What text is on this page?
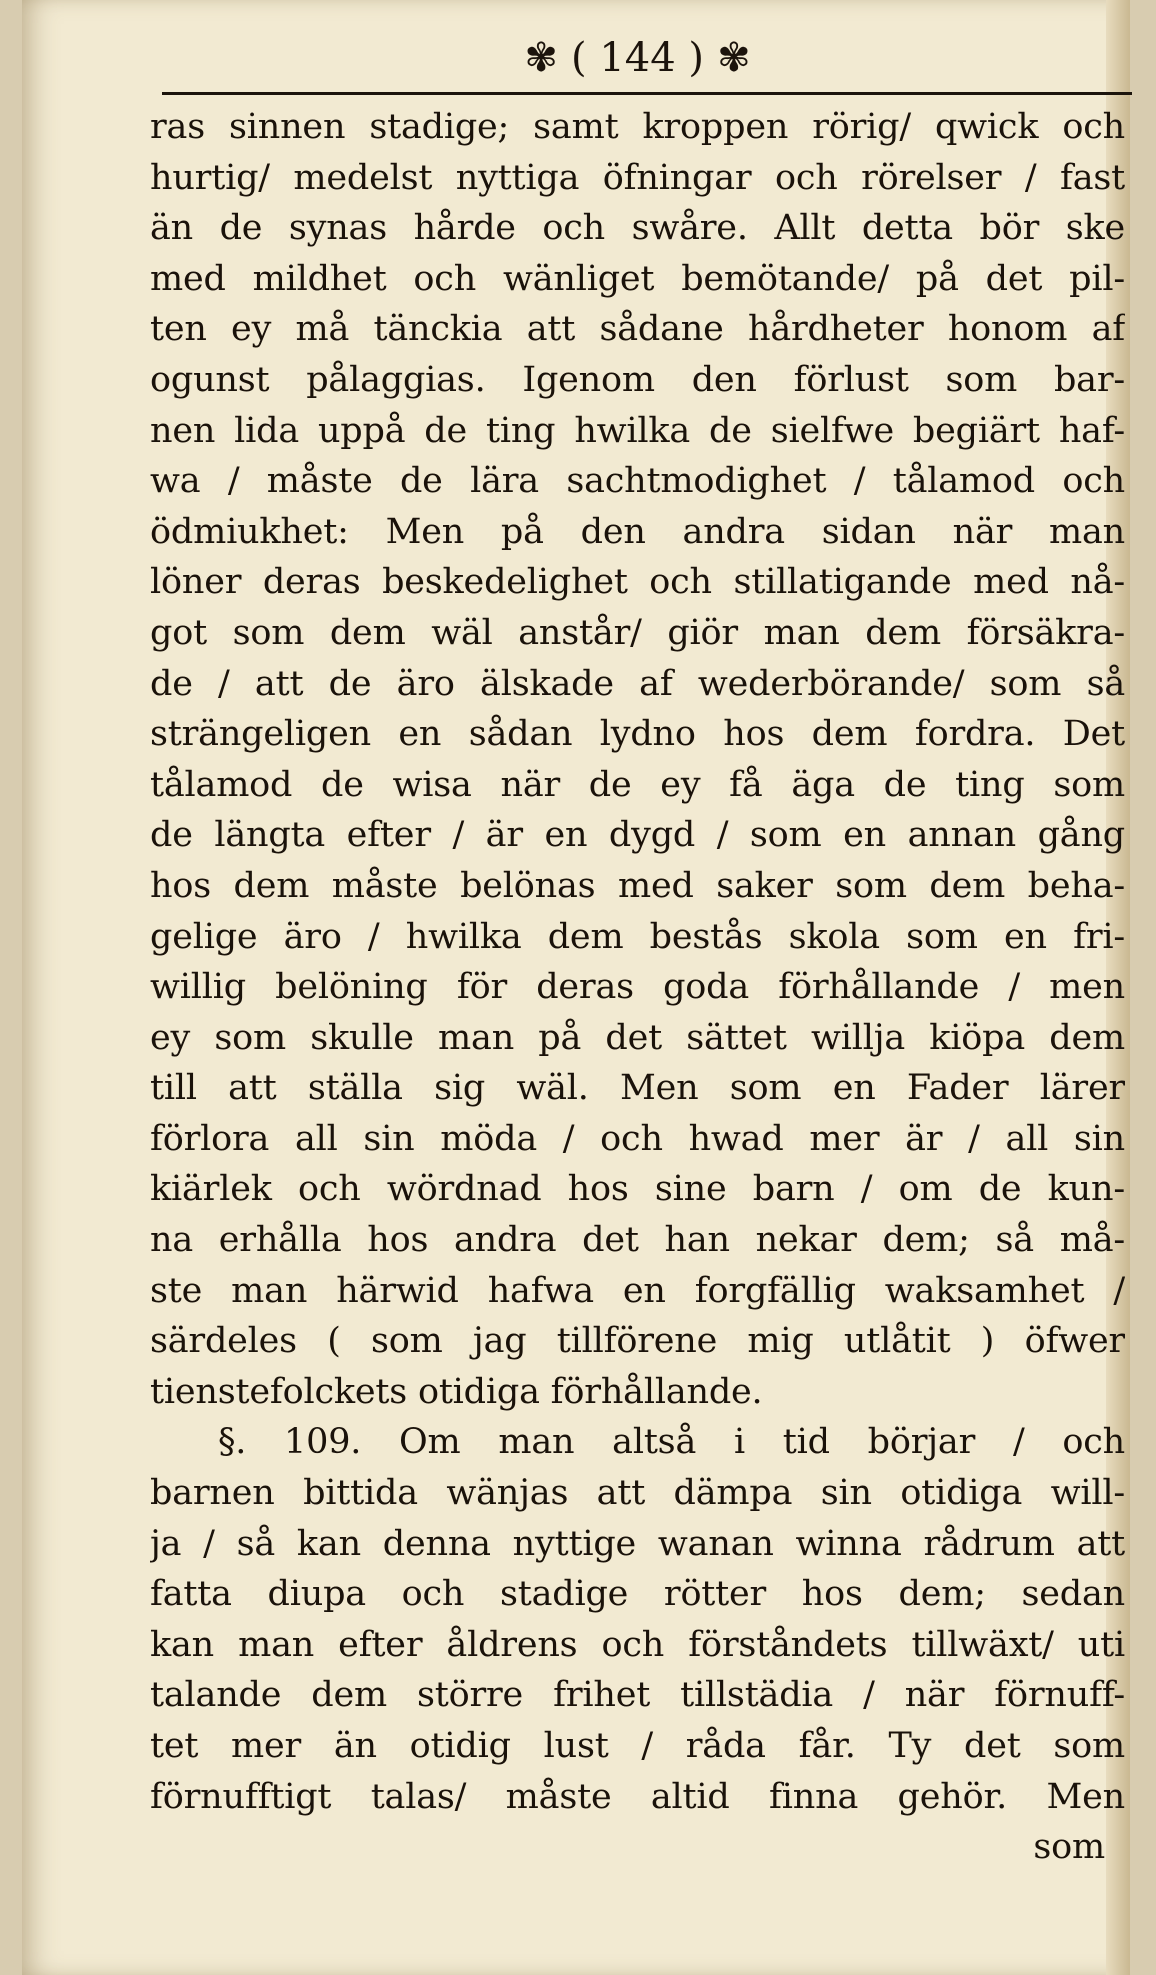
✾ ( 144 ) ✾
ras sinnen stadige; samt kroppen rörig/ qwick och
hurtig/ medelst nyttiga öfningar och rörelser / fast
än de synas hårde och swåre. Allt detta bör ske
med mildhet och wänliget bemötande/ på det pil-
ten ey må tänckia att sådane hårdheter honom af
ogunst pålaggias. Igenom den förlust som bar-
nen lida uppå de ting hwilka de sielfwe begiärt haf-
wa / måste de lära sachtmodighet / tålamod och
ödmiukhet: Men på den andra sidan när man
löner deras beskedelighet och stillatigande med nå-
got som dem wäl anstår/ giör man dem försäkra-
de / att de äro älskade af wederbörande/ som så
strängeligen en sådan lydno hos dem fordra. Det
tålamod de wisa när de ey få äga de ting som
de längta efter / är en dygd / som en annan gång
hos dem måste belönas med saker som dem beha-
gelige äro / hwilka dem bestås skola som en fri-
willig belöning för deras goda förhållande / men
ey som skulle man på det sättet willja kiöpa dem
till att ställa sig wäl. Men som en Fader lärer
förlora all sin möda / och hwad mer är / all sin
kiärlek och wördnad hos sine barn / om de kun-
na erhålla hos andra det han nekar dem; så må-
ste man härwid hafwa en forgfällig waksamhet /
särdeles ( som jag tillförene mig utlåtit ) öfwer
tienstefolckets otidiga förhållande.
§. 109. Om man altså i tid börjar / och
barnen bittida wänjas att dämpa sin otidiga will-
ja / så kan denna nyttige wanan winna rådrum att
fatta diupa och stadige rötter hos dem; sedan
kan man efter åldrens och förståndets tillwäxt/ uti
talande dem större frihet tillstädia / när förnuff-
tet mer än otidig lust / råda får. Ty det som
förnufftigt talas/ måste altid finna gehör. Men
som
